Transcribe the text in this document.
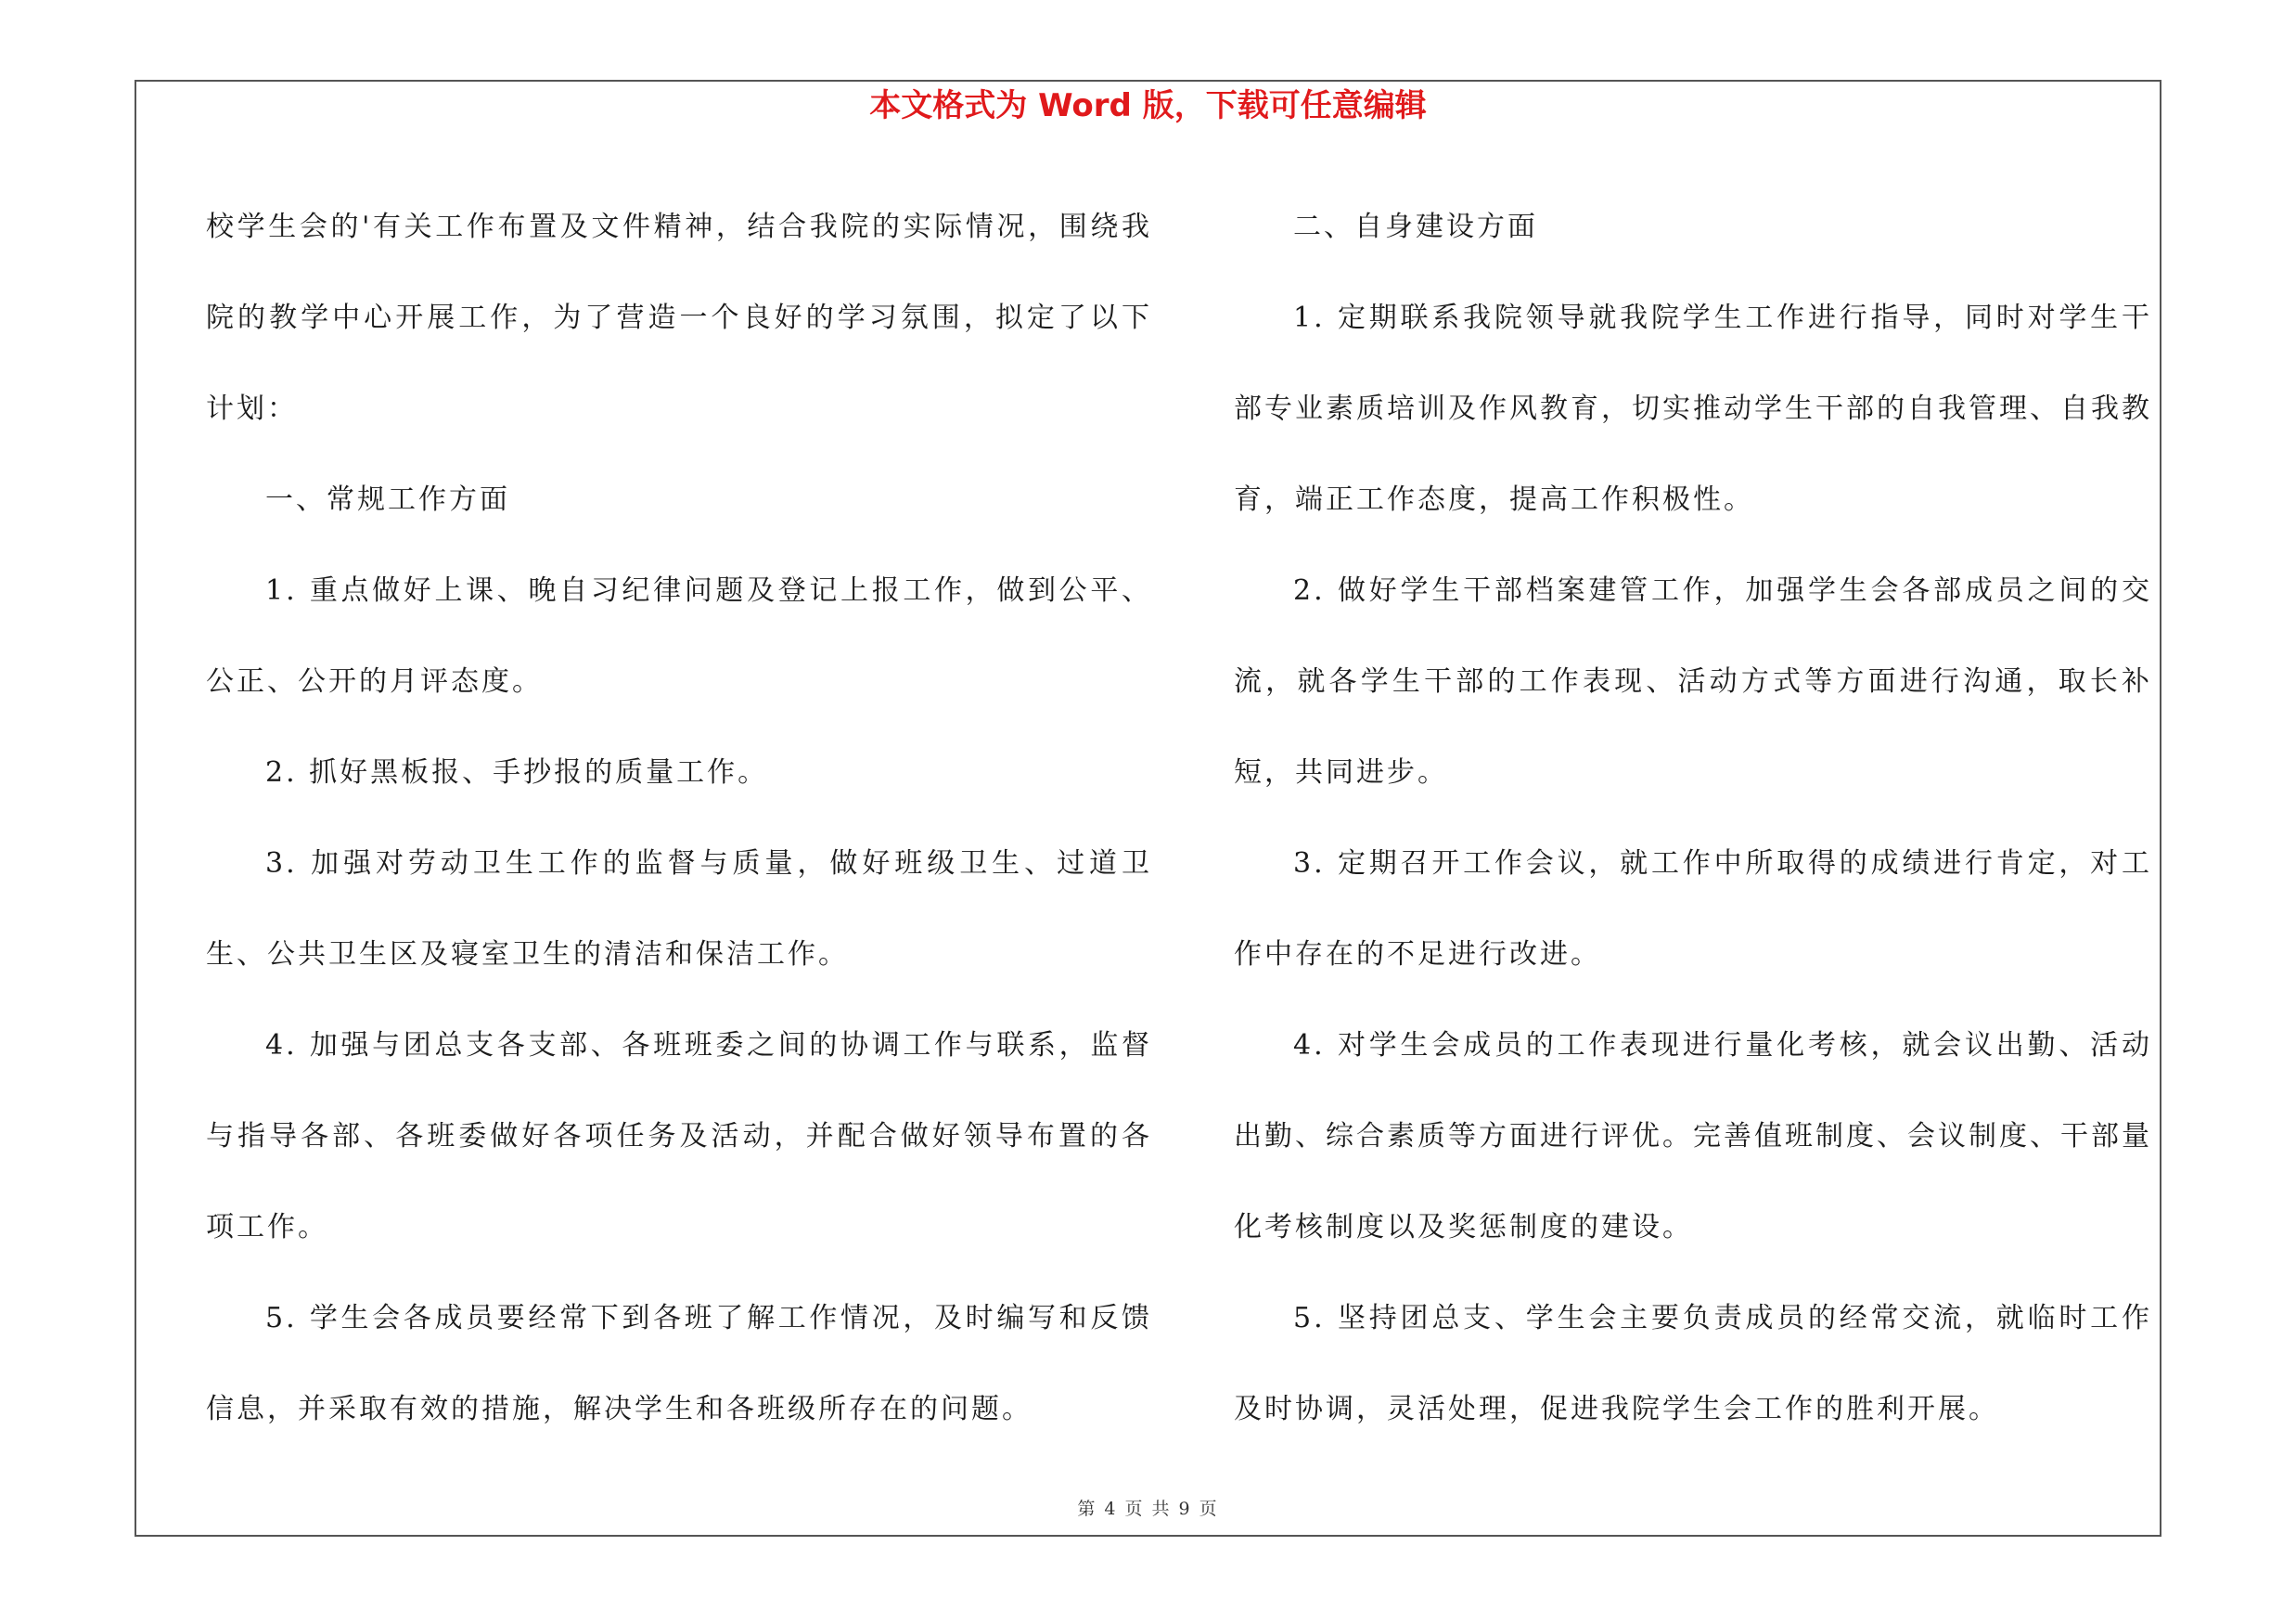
本文格式为 Word 版，下载可任意编辑

校学生会的'有关工作布置及文件精神，结合我院的实际情况，围绕我院的教学中心开展工作，为了营造一个良好的学习氛围，拟定了以下计划：

一、常规工作方面

1. 重点做好上课、晚自习纪律问题及登记上报工作，做到公平、公正、公开的月评态度。

2. 抓好黑板报、手抄报的质量工作。

3. 加强对劳动卫生工作的监督与质量，做好班级卫生、过道卫生、公共卫生区及寝室卫生的清洁和保洁工作。

4. 加强与团总支各支部、各班班委之间的协调工作与联系，监督与指导各部、各班委做好各项任务及活动，并配合做好领导布置的各项工作。

5. 学生会各成员要经常下到各班了解工作情况，及时编写和反馈信息，并采取有效的措施，解决学生和各班级所存在的问题。

二、自身建设方面

1. 定期联系我院领导就我院学生工作进行指导，同时对学生干部专业素质培训及作风教育，切实推动学生干部的自我管理、自我教育，端正工作态度，提高工作积极性。

2. 做好学生干部档案建管工作，加强学生会各部成员之间的交流，就各学生干部的工作表现、活动方式等方面进行沟通，取长补短，共同进步。

3. 定期召开工作会议，就工作中所取得的成绩进行肯定，对工作中存在的不足进行改进。

4. 对学生会成员的工作表现进行量化考核，就会议出勤、活动出勤、综合素质等方面进行评优。完善值班制度、会议制度、干部量化考核制度以及奖惩制度的建设。

5. 坚持团总支、学生会主要负责成员的经常交流，就临时工作及时协调，灵活处理，促进我院学生会工作的胜利开展。

第 4 页 共 9 页
